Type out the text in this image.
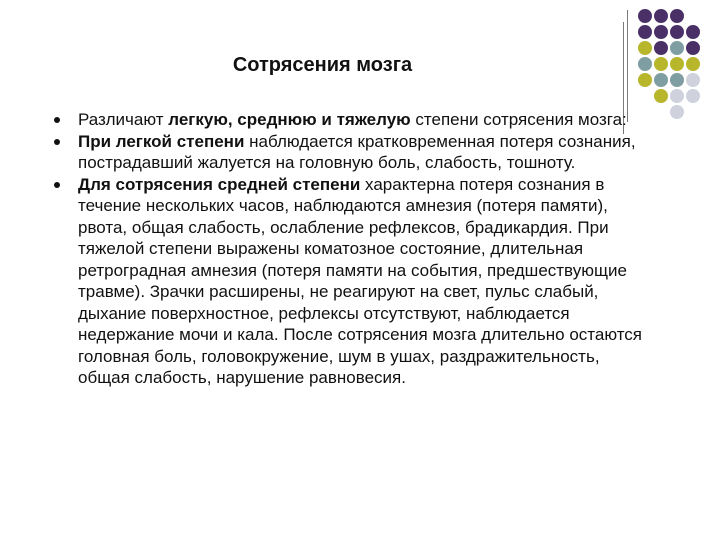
Сотрясения мозга
Различают легкую, среднюю и тяжелую степени сотрясения мозга:
При легкой степени наблюдается кратковременная потеря сознания, пострадавший жалуется на головную боль, слабость, тошноту.
Для сотрясения средней степени характерна потеря сознания в течение нескольких часов, наблюдаются амнезия (потеря памяти), рвота, общая слабость, ослабление рефлексов, брадикардия. При тяжелой степени выражены коматозное состояние, длительная ретроградная амнезия (потеря памяти на события, предшествующие травме). Зрачки расширены, не реагируют на свет, пульс слабый, дыхание поверхностное, рефлексы отсутствуют, наблюдается недержание мочи и кала. После сотрясения мозга длительно остаются головная боль, головокружение, шум в ушах, раздражительность, общая слабость, нарушение равновесия.
